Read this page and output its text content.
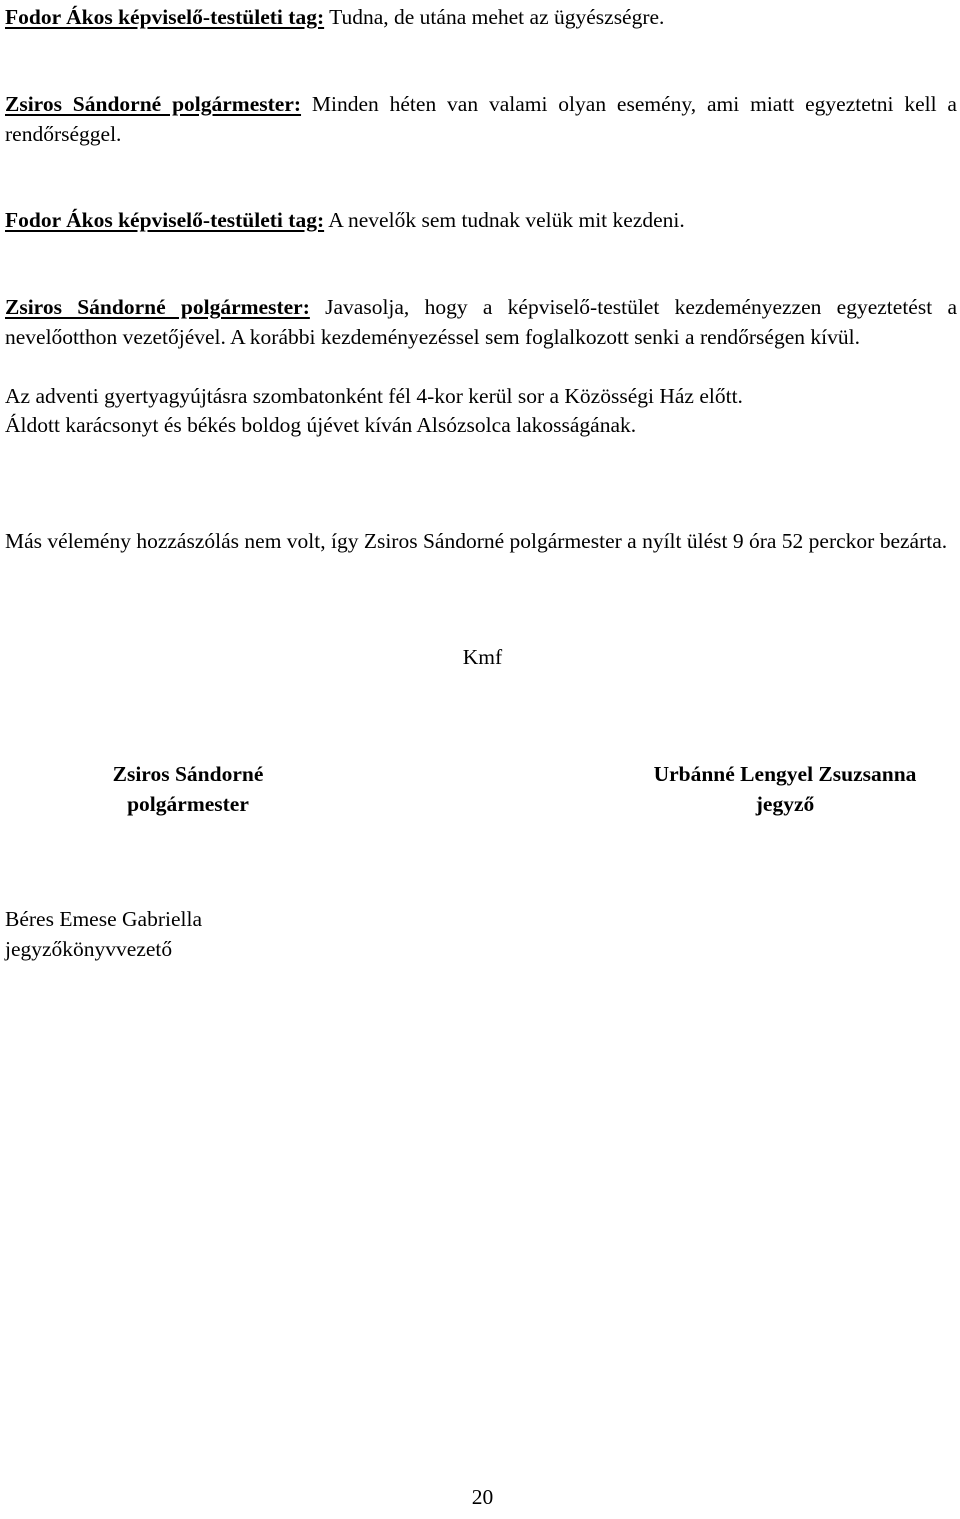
Fodor Ákos képviselő-testületi tag: Tudna, de utána mehet az ügyészségre.

Zsiros Sándorné polgármester: Minden héten van valami olyan esemény, ami miatt egyeztetni kell a rendőrséggel.

Fodor Ákos képviselő-testületi tag: A nevelők sem tudnak velük mit kezdeni.

Zsiros Sándorné polgármester: Javasolja, hogy a képviselő-testület kezdeményezzen egyeztetést a nevelőotthon vezetőjével. A korábbi kezdeményezéssel sem foglalkozott senki a rendőrségen kívül.

Az adventi gyertyagyújtásra szombatonként fél 4-kor kerül sor a Közösségi Ház előtt.

Áldott karácsonyt és békés boldog újévet kíván Alsózsolca lakosságának.

Más vélemény hozzászólás nem volt, így Zsiros Sándorné polgármester a nyílt ülést 9 óra 52 perckor bezárta.

Kmf
Zsiros Sándorné
polgármester
Urbánné Lengyel Zsuzsanna
jegyző
Béres Emese Gabriella
jegyzőkönyvvezető
20
